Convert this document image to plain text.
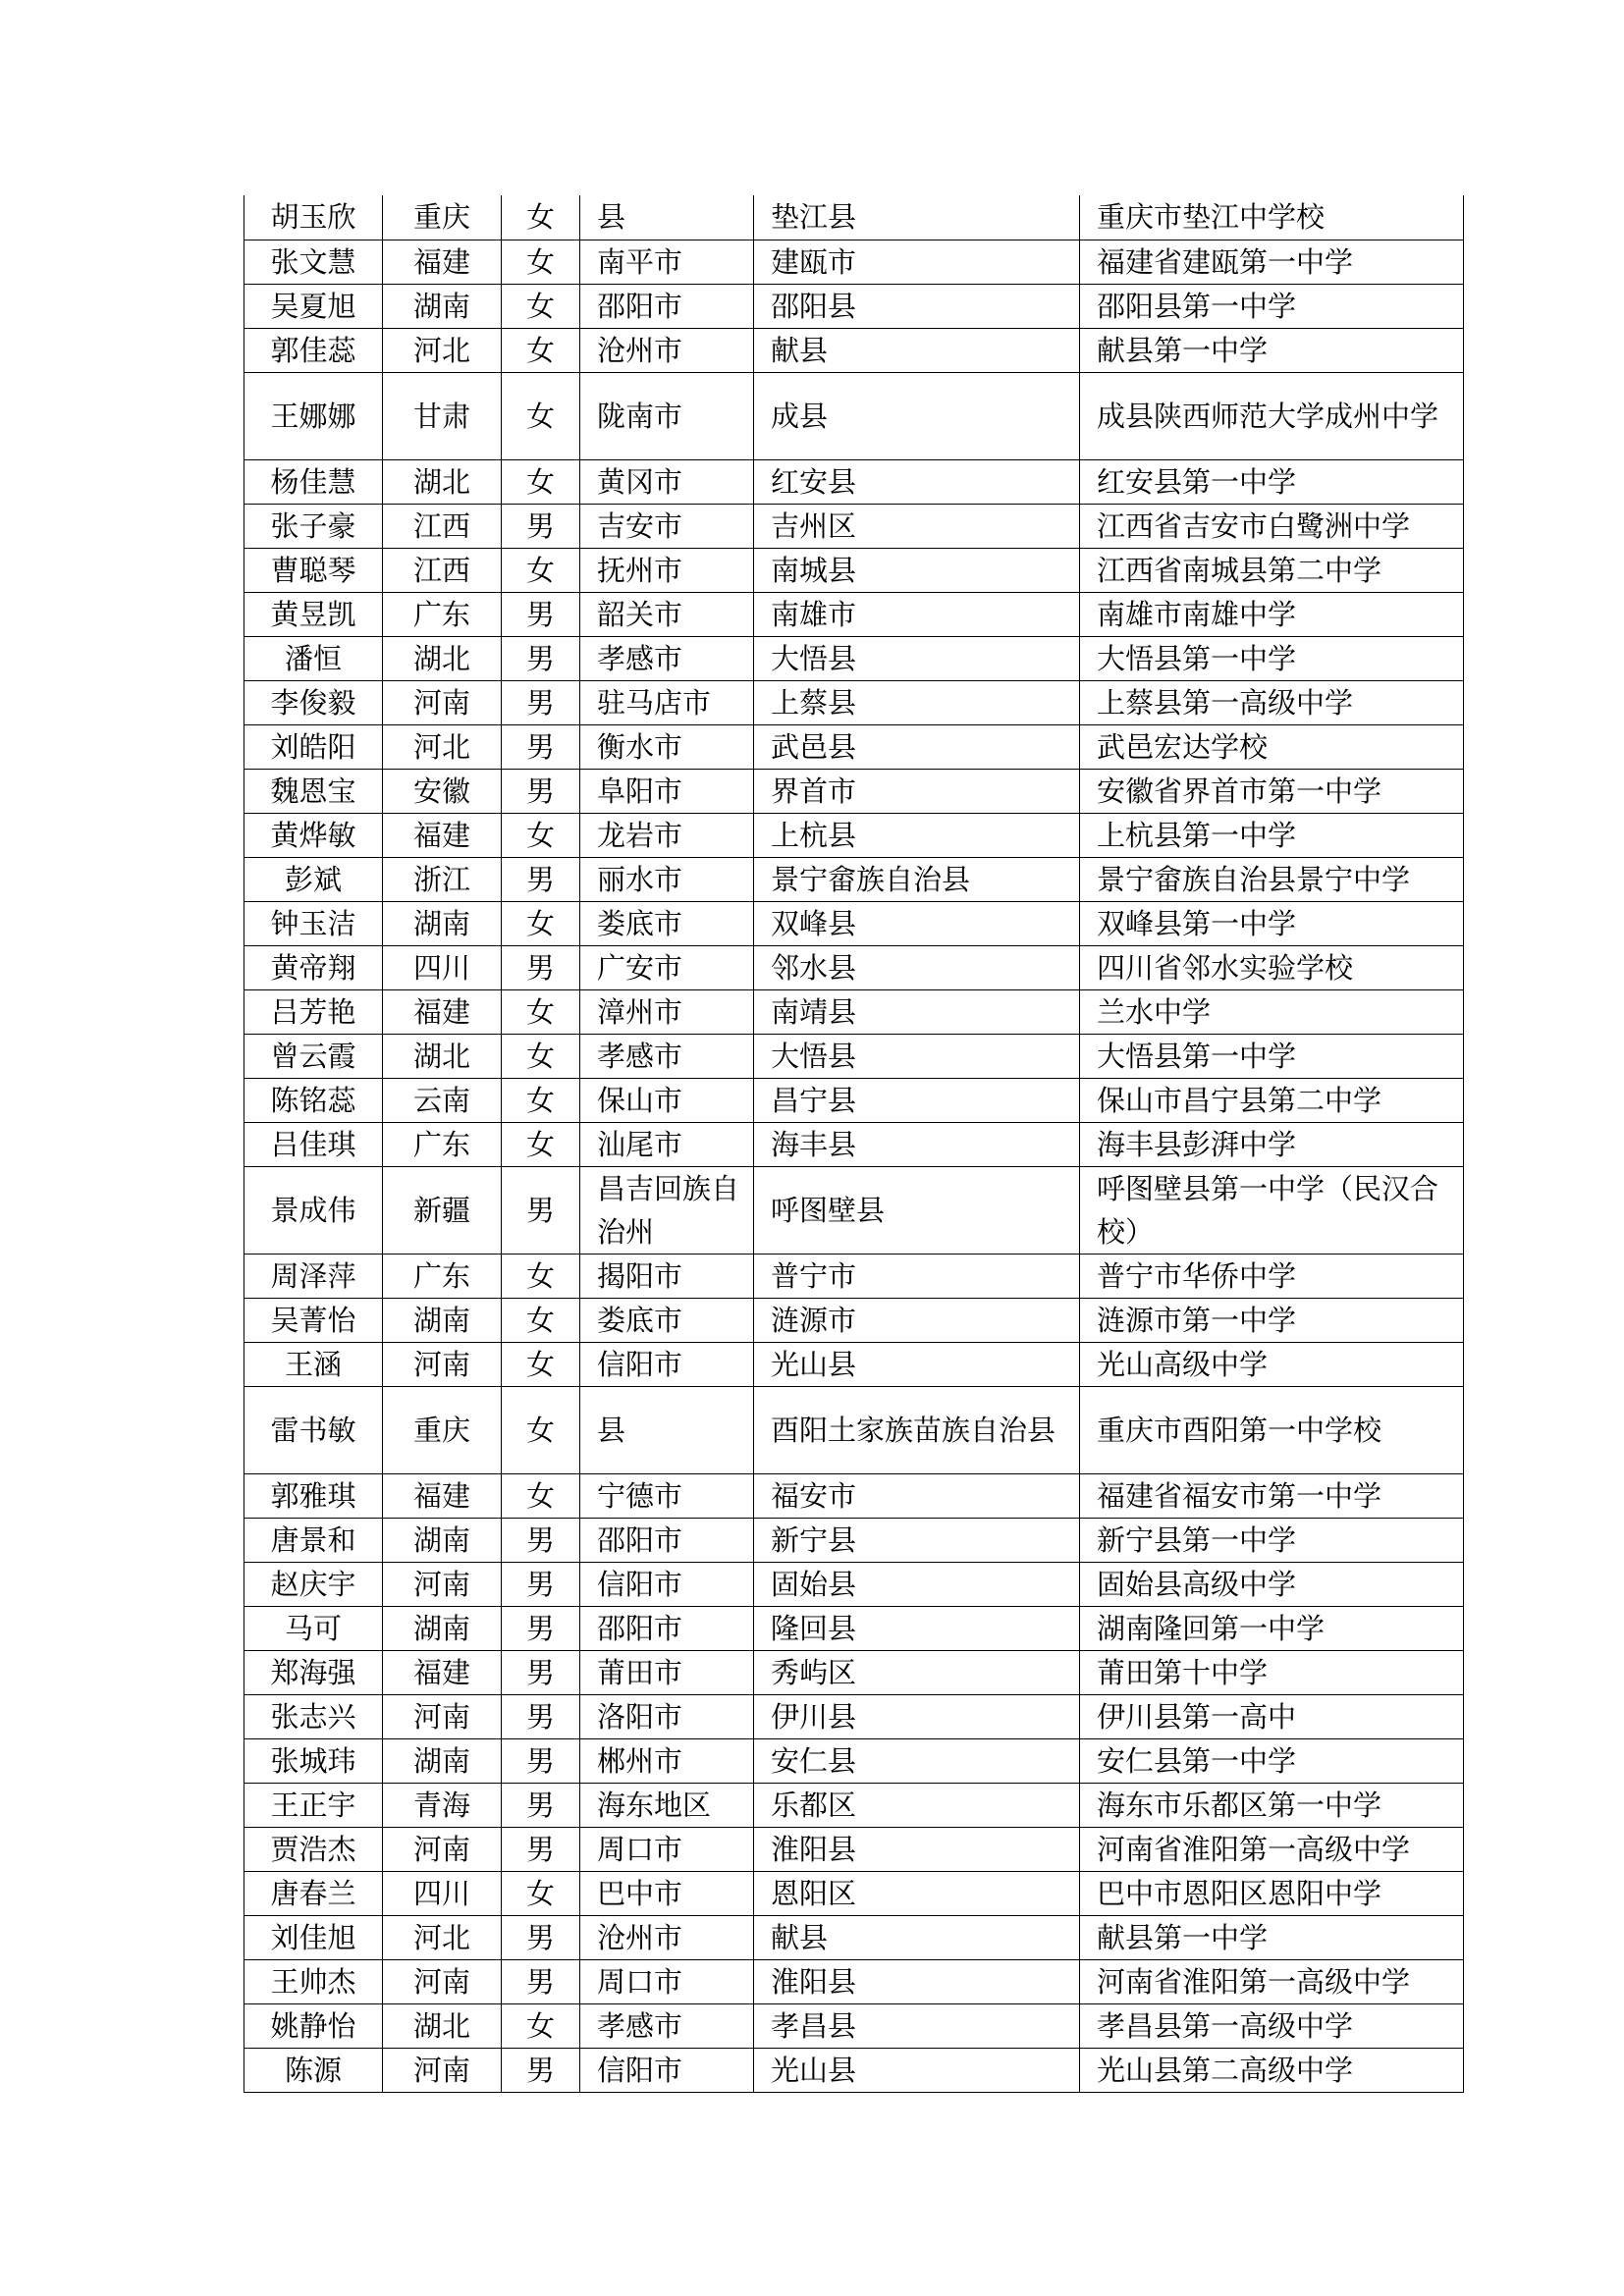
胡玉欣	重庆	女	县	垫江县	重庆市垫江中学校
张文慧	福建	女	南平市	建瓯市	福建省建瓯第一中学
吴夏旭	湖南	女	邵阳市	邵阳县	邵阳县第一中学
郭佳蕊	河北	女	沧州市	献县	献县第一中学
王娜娜	甘肃	女	陇南市	成县	成县陕西师范大学成州中学
杨佳慧	湖北	女	黄冈市	红安县	红安县第一中学
张子豪	江西	男	吉安市	吉州区	江西省吉安市白鹭洲中学
曹聪琴	江西	女	抚州市	南城县	江西省南城县第二中学
黄昱凯	广东	男	韶关市	南雄市	南雄市南雄中学
潘恒	湖北	男	孝感市	大悟县	大悟县第一中学
李俊毅	河南	男	驻马店市	上蔡县	上蔡县第一高级中学
刘皓阳	河北	男	衡水市	武邑县	武邑宏达学校
魏恩宝	安徽	男	阜阳市	界首市	安徽省界首市第一中学
黄烨敏	福建	女	龙岩市	上杭县	上杭县第一中学
彭斌	浙江	男	丽水市	景宁畲族自治县	景宁畲族自治县景宁中学
钟玉洁	湖南	女	娄底市	双峰县	双峰县第一中学
黄帝翔	四川	男	广安市	邻水县	四川省邻水实验学校
吕芳艳	福建	女	漳州市	南靖县	兰水中学
曾云霞	湖北	女	孝感市	大悟县	大悟县第一中学
陈铭蕊	云南	女	保山市	昌宁县	保山市昌宁县第二中学
吕佳琪	广东	女	汕尾市	海丰县	海丰县彭湃中学
景成伟	新疆	男	昌吉回族自治州	呼图壁县	呼图壁县第一中学（民汉合校）
周泽萍	广东	女	揭阳市	普宁市	普宁市华侨中学
吴菁怡	湖南	女	娄底市	涟源市	涟源市第一中学
王涵	河南	女	信阳市	光山县	光山高级中学
雷书敏	重庆	女	县	酉阳土家族苗族自治县	重庆市酉阳第一中学校
郭雅琪	福建	女	宁德市	福安市	福建省福安市第一中学
唐景和	湖南	男	邵阳市	新宁县	新宁县第一中学
赵庆宇	河南	男	信阳市	固始县	固始县高级中学
马可	湖南	男	邵阳市	隆回县	湖南隆回第一中学
郑海强	福建	男	莆田市	秀屿区	莆田第十中学
张志兴	河南	男	洛阳市	伊川县	伊川县第一高中
张城玮	湖南	男	郴州市	安仁县	安仁县第一中学
王正宇	青海	男	海东地区	乐都区	海东市乐都区第一中学
贾浩杰	河南	男	周口市	淮阳县	河南省淮阳第一高级中学
唐春兰	四川	女	巴中市	恩阳区	巴中市恩阳区恩阳中学
刘佳旭	河北	男	沧州市	献县	献县第一中学
王帅杰	河南	男	周口市	淮阳县	河南省淮阳第一高级中学
姚静怡	湖北	女	孝感市	孝昌县	孝昌县第一高级中学
陈源	河南	男	信阳市	光山县	光山县第二高级中学
